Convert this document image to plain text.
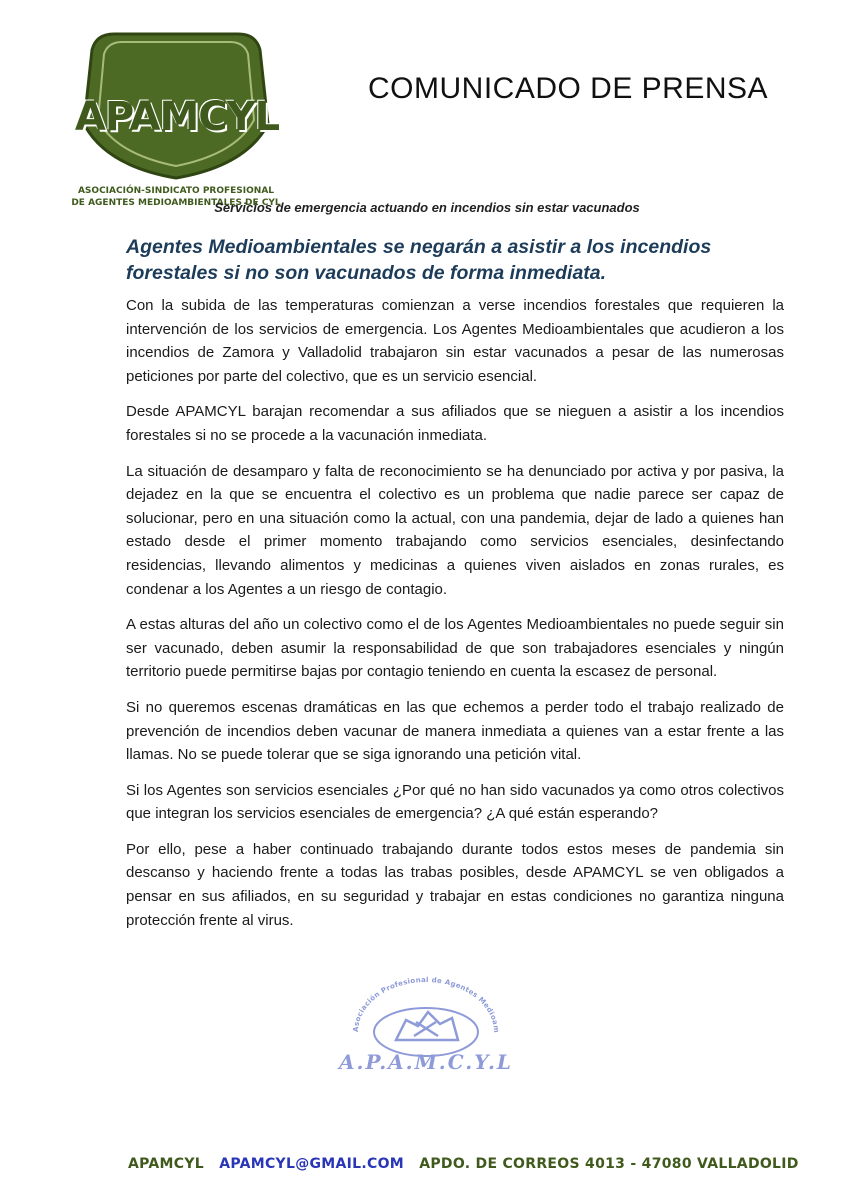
APAMCYL
ASOCIACIÓN-SINDICATO PROFESIONAL
DE AGENTES MEDIOAMBIENTALES DE CYL
COMUNICADO DE PRENSA
Servicios de emergencia actuando en incendios sin estar vacunados
Agentes Medioambientales se negarán a asistir a los incendios forestales si no son vacunados de forma inmediata.

Con la subida de las temperaturas comienzan a verse incendios forestales que requieren la intervención de los servicios de emergencia. Los Agentes Medioambientales que acudieron a los incendios de Zamora y Valladolid trabajaron sin estar vacunados a pesar de las numerosas peticiones por parte del colectivo, que es un servicio esencial.

Desde APAMCYL barajan recomendar a sus afiliados que se nieguen a asistir a los incendios forestales si no se procede a la vacunación inmediata.

La situación de desamparo y falta de reconocimiento se ha denunciado por activa y por pasiva, la dejadez en la que se encuentra el colectivo es un problema que nadie parece ser capaz de solucionar, pero en una situación como la actual, con una pandemia, dejar de lado a quienes han estado desde el primer momento trabajando como servicios esenciales, desinfectando residencias, llevando alimentos y medicinas a quienes viven aislados en zonas rurales, es condenar a los Agentes a un riesgo de contagio.

A estas alturas del año un colectivo como el de los Agentes Medioambientales no puede seguir sin ser vacunado, deben asumir la responsabilidad de que son trabajadores esenciales y ningún territorio puede permitirse bajas por contagio teniendo en cuenta la escasez de personal.

Si no queremos escenas dramáticas en las que echemos a perder todo el trabajo realizado de prevención de incendios deben vacunar de manera inmediata a quienes van a estar frente a las llamas. No se puede tolerar que se siga ignorando una petición vital.

Si los Agentes son servicios esenciales ¿Por qué no han sido vacunados ya como otros colectivos que integran los servicios esenciales de emergencia? ¿A qué están esperando?

Por ello, pese a haber continuado trabajando durante todos estos meses de pandemia sin descanso y haciendo frente a todas las trabas posibles, desde APAMCYL se ven obligados a pensar en sus afiliados, en su seguridad y trabajar en estas condiciones no garantiza ninguna protección frente al virus.

Asociación Profesional de Agentes Medioam
A.P.A.M.C.Y.L
APAMCYL APAMCYL@GMAIL.COM APDO. DE CORREOS 4013 - 47080 VALLADOLID
